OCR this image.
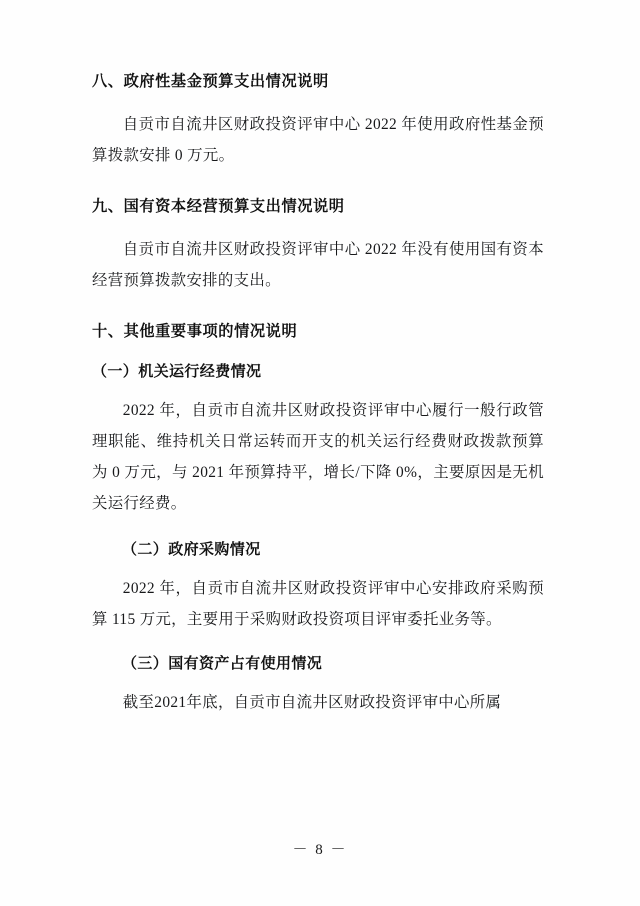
八、政府性基金预算支出情况说明

自贡市自流井区财政投资评审中心 2022 年使用政府性基金预算拨款安排 0 万元。

九、国有资本经营预算支出情况说明

自贡市自流井区财政投资评审中心 2022 年没有使用国有资本经营预算拨款安排的支出。

十、其他重要事项的情况说明
（一）机关运行经费情况

2022 年，自贡市自流井区财政投资评审中心履行一般行政管理职能、维持机关日常运转而开支的机关运行经费财政拨款预算为 0 万元，与 2021 年预算持平，增长/下降 0%，主要原因是无机关运行经费。

（二）政府采购情况

2022 年，自贡市自流井区财政投资评审中心安排政府采购预算 115 万元，主要用于采购财政投资项目评审委托业务等。

（三）国有资产占有使用情况

截至2021年底，自贡市自流井区财政投资评审中心所属

－ 8 －
